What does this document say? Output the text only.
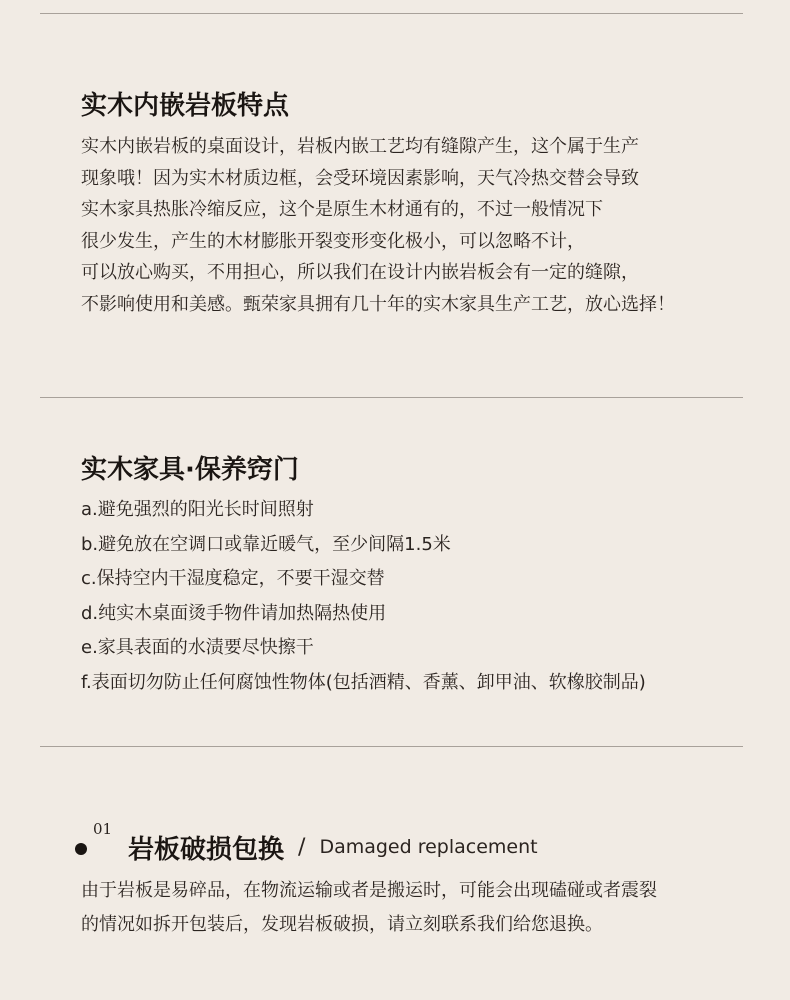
实木内嵌岩板特点
实木内嵌岩板的桌面设计，岩板内嵌工艺均有缝隙产生，这个属于生产
现象哦！因为实木材质边框，会受环境因素影响，天气冷热交替会导致
实木家具热胀冷缩反应，这个是原生木材通有的，不过一般情况下
很少发生，产生的木材膨胀开裂变形变化极小，可以忽略不计，
可以放心购买，不用担心，所以我们在设计内嵌岩板会有一定的缝隙，
不影响使用和美感。甄荣家具拥有几十年的实木家具生产工艺，放心选择！
实木家具·保养窍门
a.避免强烈的阳光长时间照射
b.避免放在空调口或靠近暖气，至少间隔1.5米
c.保持空内干湿度稳定，不要干湿交替
d.纯实木桌面烫手物件请加热隔热使用
e.家具表面的水渍要尽快擦干
f.表面切勿防止任何腐蚀性物体(包括酒精、香薰、卸甲油、软橡胶制品)
01
岩板破损包换 / Damaged replacement
由于岩板是易碎品，在物流运输或者是搬运时，可能会出现磕碰或者震裂
的情况如拆开包装后，发现岩板破损，请立刻联系我们给您退换。
